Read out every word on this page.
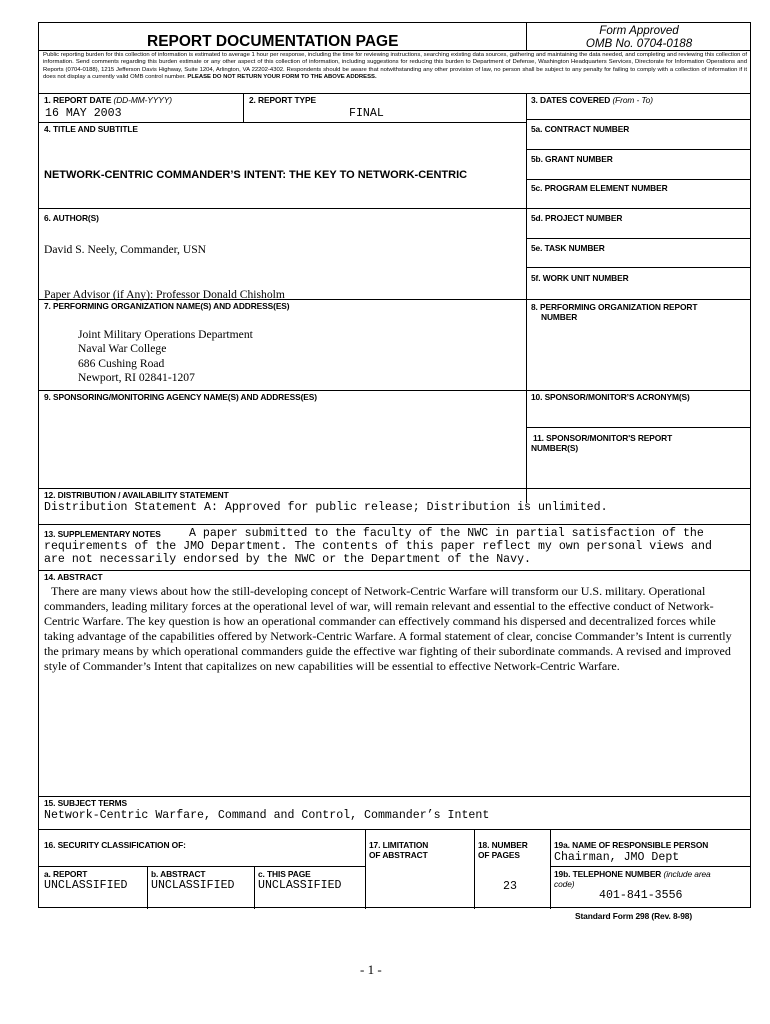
REPORT DOCUMENTATION PAGE
Form Approved
OMB No. 0704-0188
Public reporting burden for this collection of information is estimated to average 1 hour per response, including the time for reviewing instructions, searching existing data sources, gathering and maintaining the data needed, and completing and reviewing this collection of information. Send comments regarding this burden estimate or any other aspect of this collection of information, including suggestions for reducing this burden to Department of Defense, Washington Headquarters Services, Directorate for Information Operations and Reports (0704-0188), 1215 Jefferson Davis Highway, Suite 1204, Arlington, VA 22202-4302. Respondents should be aware that notwithstanding any other provision of law, no person shall be subject to any penalty for failing to comply with a collection of information if it does not display a currently valid OMB control number. PLEASE DO NOT RETURN YOUR FORM TO THE ABOVE ADDRESS.
1. REPORT DATE (DD-MM-YYYY)
16 MAY 2003
2. REPORT TYPE
FINAL
3. DATES COVERED (From - To)
4. TITLE AND SUBTITLE
NETWORK-CENTRIC COMMANDER’S INTENT: THE KEY TO NETWORK-CENTRIC
5a. CONTRACT NUMBER
5b. GRANT NUMBER
5c. PROGRAM ELEMENT NUMBER
6. AUTHOR(S)
David S. Neely, Commander, USN
Paper Advisor (if Any): Professor Donald Chisholm
5d. PROJECT NUMBER
5e. TASK NUMBER
5f. WORK UNIT NUMBER
7. PERFORMING ORGANIZATION NAME(S) AND ADDRESS(ES)
Joint Military Operations Department
Naval War College
686 Cushing Road
Newport, RI 02841-1207
8. PERFORMING ORGANIZATION REPORT
NUMBER
9. SPONSORING/MONITORING AGENCY NAME(S) AND ADDRESS(ES)	10. SPONSOR/MONITOR’S ACRONYM(S)
11. SPONSOR/MONITOR'S REPORT
NUMBER(S)
12. DISTRIBUTION / AVAILABILITY STATEMENT
Distribution Statement A: Approved for public release; Distribution is unlimited.
13. SUPPLEMENTARY NOTES A paper submitted to the faculty of the NWC in partial satisfaction of the
requirements of the JMO Department. The contents of this paper reflect my own personal views and
are not necessarily endorsed by the NWC or the Department of the Navy.
14. ABSTRACT
There are many views about how the still-developing concept of Network-Centric Warfare will transform our U.S. military. Operational commanders, leading military forces at the operational level of war, will remain relevant and essential to the effective conduct of Network-Centric Warfare. The key question is how an operational commander can effectively command his dispersed and decentralized forces while taking advantage of the capabilities offered by Network-Centric Warfare. A formal statement of clear, concise Commander’s Intent is currently the primary means by which operational commanders guide the effective war fighting of their subordinate commands. A revised and improved style of Commander’s Intent that capitalizes on new capabilities will be essential to effective Network-Centric Warfare.
15. SUBJECT TERMS
Network-Centric Warfare, Command and Control, Commander’s Intent
16. SECURITY CLASSIFICATION OF:	17. LIMITATION
OF ABSTRACT
18. NUMBER
OF PAGES
23
19a. NAME OF RESPONSIBLE PERSON
Chairman, JMO Dept
a. REPORT
UNCLASSIFIED
b. ABSTRACT
UNCLASSIFIED
c. THIS PAGE
UNCLASSIFIED
19b. TELEPHONE NUMBER (include area
code)
401-841-3556
Standard Form 298 (Rev. 8-98)
- 1 -
